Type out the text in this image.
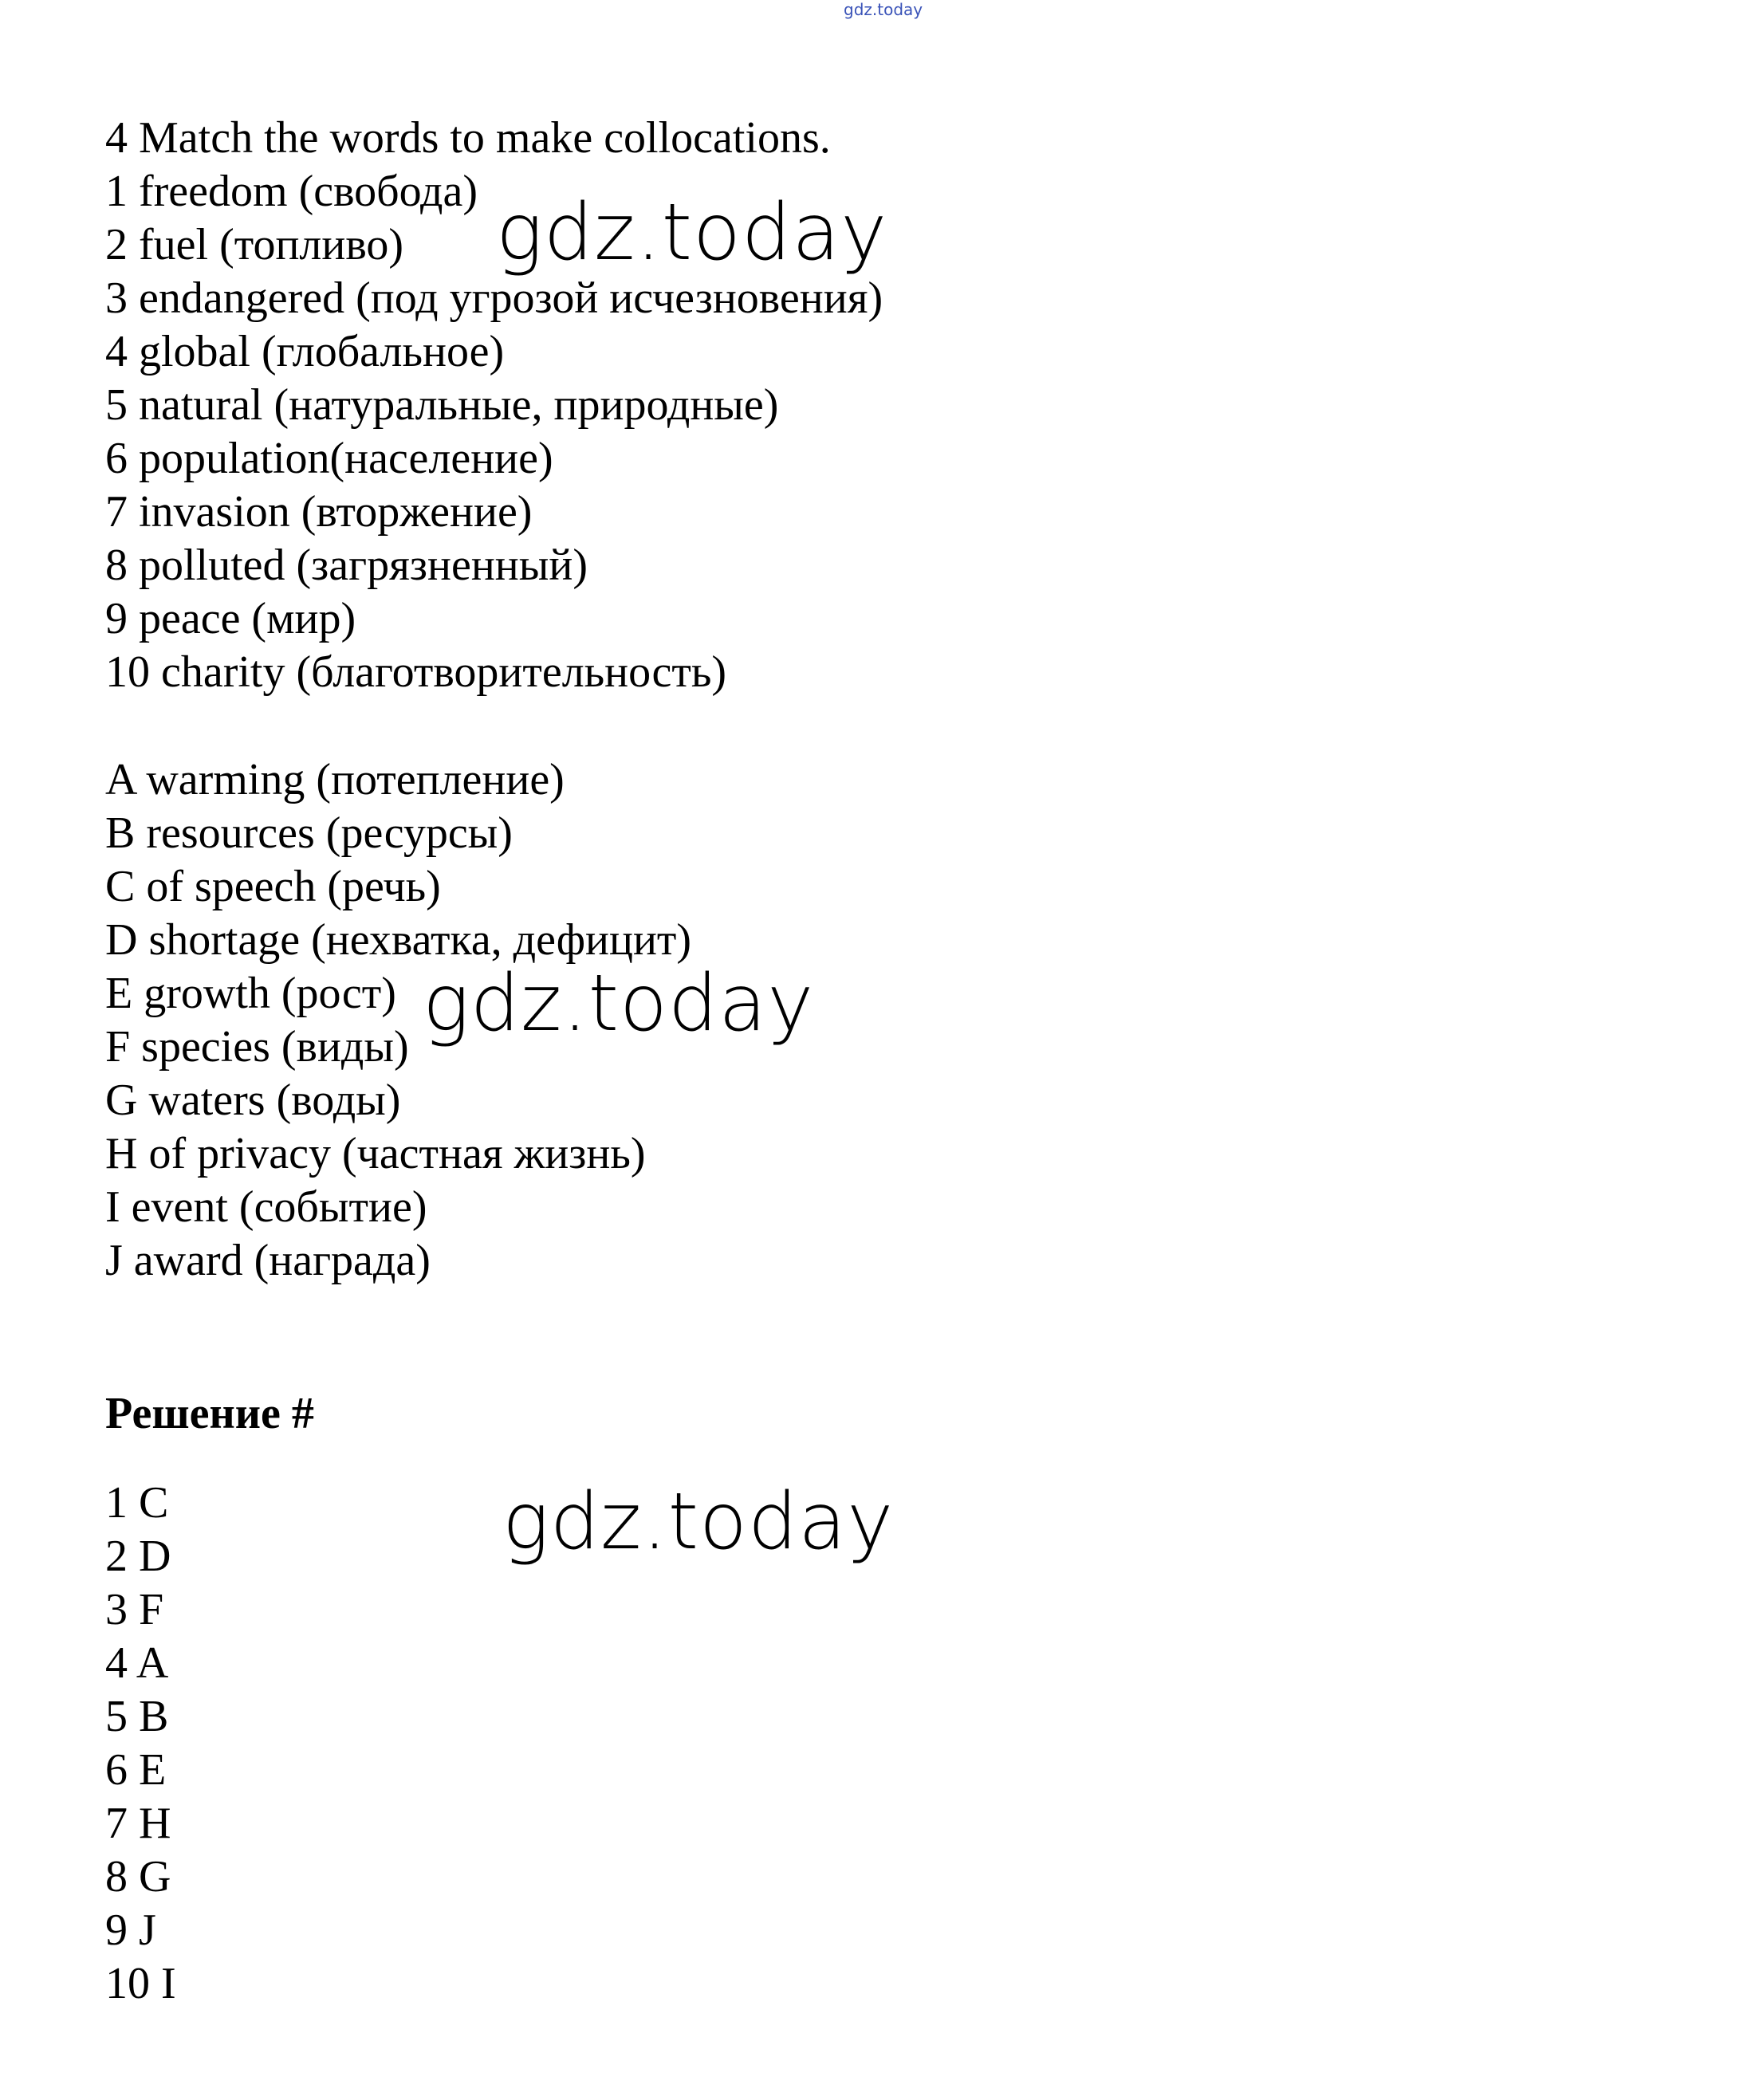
gdz.today
4 Match the words to make collocations.
1 freedom (свобода)
2 fuel (топливо)
3 endangered (под угрозой исчезновения)
4 global (глобальное)
5 natural (натуральные, природные)
6 population(население)
7 invasion (вторжение)
8 polluted (загрязненный)
9 peace (мир)
10 charity (благотворительность)
A warming (потепление)
B resources (ресурсы)
C of speech (речь)
D shortage (нехватка, дефицит)
E growth (рост)
F species (виды)
G waters (воды)
H of privacy (частная жизнь)
I event (событие)
J award (награда)
Решение #
1 C
2 D
3 F
4 A
5 B
6 E
7 H
8 G
9 J
10 I
gdz.today
gdz.today
gdz.today
